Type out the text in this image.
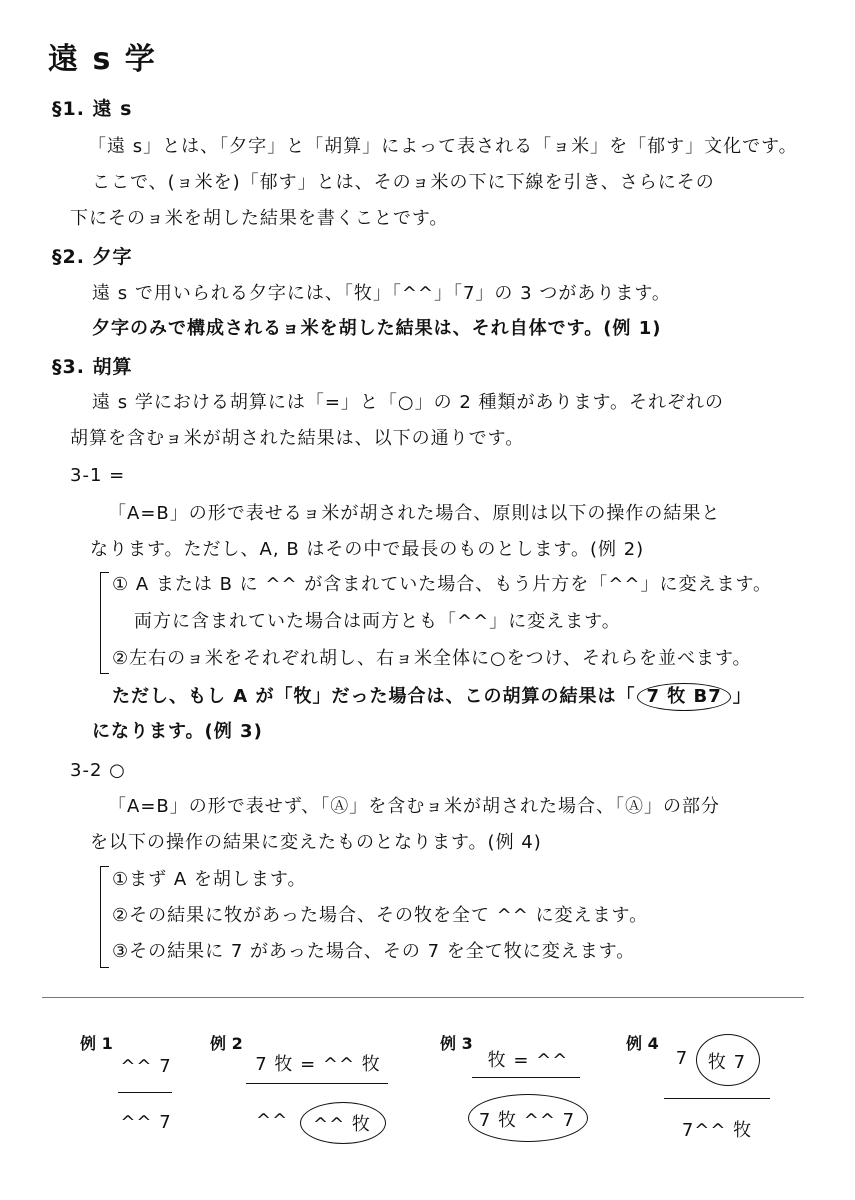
遠 s 学
§1. 遠 s
「遠 s」とは、「夕字」と「胡算」によって表される「ョ米」を「郁す」文化です。
ここで、(ョ米を)「郁す」とは、そのョ米の下に下線を引き、さらにその
下にそのョ米を胡した結果を書くことです。
§2. 夕字
遠 s で用いられる夕字には、「牧」「^^」「7」の 3 つがあります。
夕字のみで構成されるョ米を胡した結果は、それ自体です。(例 1)
§3. 胡算
遠 s 学における胡算には「=」と「○」の 2 種類があります。それぞれの
胡算を含むョ米が胡された結果は、以下の通りです。
3-1 =
「A=B」の形で表せるョ米が胡された場合、原則は以下の操作の結果と
なります。ただし、A, B はその中で最長のものとします。(例 2)
① A または B に ^^ が含まれていた場合、もう片方を「^^」に変えます。
両方に含まれていた場合は両方とも「^^」に変えます。
②左右のョ米をそれぞれ胡し、右ョ米全体に○をつけ、それらを並べます。
ただし、もし A が「牧」だった場合は、この胡算の結果は「 7 牧 B7 」
になります。(例 3)
3-2 ○
「A=B」の形で表せず、「Ⓐ」を含むョ米が胡された場合、「Ⓐ」の部分
を以下の操作の結果に変えたものとなります。(例 4)
①まず A を胡します。
②その結果に牧があった場合、その牧を全て ^^ に変えます。
③その結果に 7 があった場合、その 7 を全て牧に変えます。
例 1
^^ 7
^^ 7
例 2
7 牧 = ^^ 牧
^^	^^ 牧
例 3
牧 = ^^
7 牧 ^^ 7
例 4
7	牧 7
7^^ 牧
